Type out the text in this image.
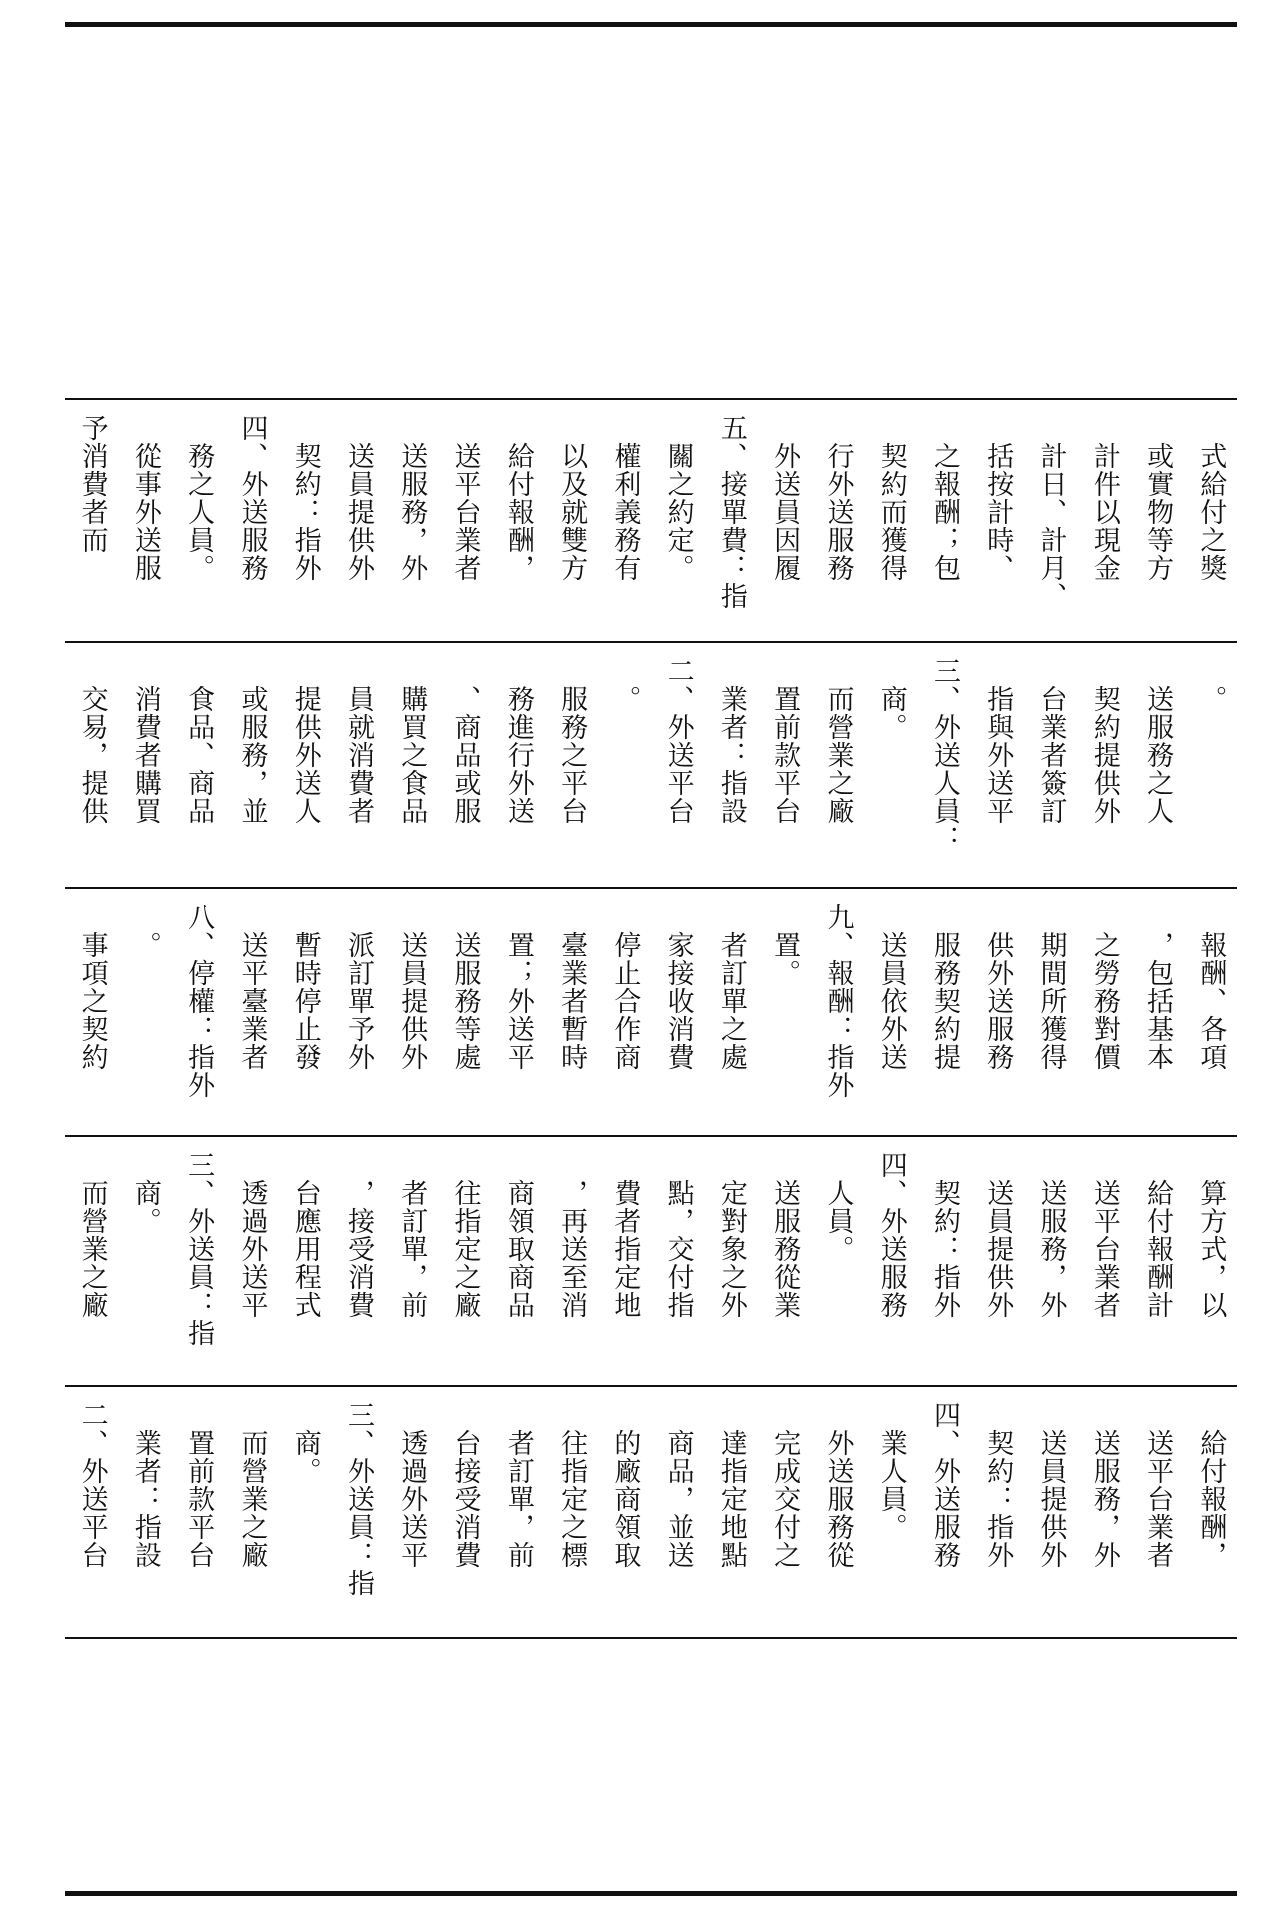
予消費者而 　從事外送服 　務之人員。 四、外送服務 　契約：指外 　送員提供外 　送服務，外 　送平台業者 　給付報酬， 　以及就雙方 　權利義務有 　關之約定。 五、接單費：指 　外送員因履 　行外送服務 　契約而獲得 　之報酬；包 　括按計時、 　計日、計月、 　計件以現金 　或實物等方 　式給付之獎
　交易，提供 　消費者購買 　食品、商品 　或服務，並 　提供外送人 　員就消費者 　購買之食品 　、商品或服 　務進行外送 　服務之平台 　。 二、外送平台 　業者：指設 　置前款平台 　而營業之廠 　商。 三、外送人員： 　指與外送平 　台業者簽訂 　契約提供外 　送服務之人 　。
　事項之契約 　。 八、停權：指外 　送平臺業者 　暫時停止發 　派訂單予外 　送員提供外 　送服務等處 　置；外送平 　臺業者暫時 　停止合作商 　家接收消費 　者訂單之處 　置。 九、報酬：指外 　送員依外送 　服務契約提 　供外送服務 　期間所獲得 　之勞務對價 　，包括基本 　報酬、各項
　而營業之廠 　商。 三、外送員：指 　透過外送平 　台應用程式 　，接受消費 　者訂單，前 　往指定之廠 　商領取商品 　，再送至消 　費者指定地 　點，交付指 　定對象之外 　送服務從業 　人員。 四、外送服務 　契約：指外 　送員提供外 　送服務，外 　送平台業者 　給付報酬計 　算方式，以
二、外送平台 　業者：指設 　置前款平台 　而營業之廠 　商。 三、外送員：指 　透過外送平 　台接受消費 　者訂單，前 　往指定之標 　的廠商領取 　商品，並送 　達指定地點 　完成交付之 　外送服務從 　業人員。 四、外送服務 　契約：指外 　送員提供外 　送服務，外 　送平台業者 　給付報酬，
